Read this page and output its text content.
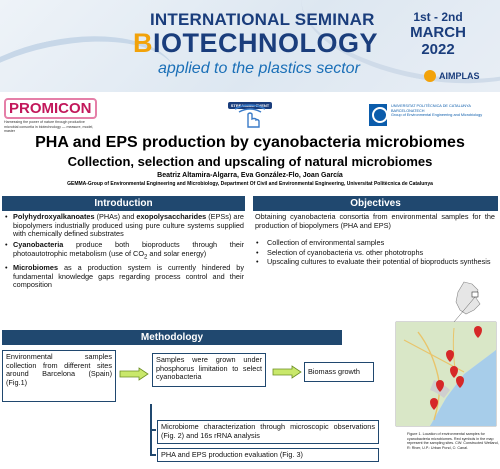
INTERNATIONAL SEMINAR
BIOTECHNOLOGY
applied to the plastics sector
1st - 2nd
MARCH
2022
AIMPLAS
PROMICON
Harnessing the power of nature through productive microbial consortia in biotechnology — measure, model, master
STREAMING EVENT	UNIVERSITAT POLITÈCNICA DE CATALUNYA
BARCELONATECH
Group of Environmental Engineering and Microbiology
PHA and EPS production by cyanobacteria microbiomes
Collection, selection and upscaling of natural microbiomes
Beatriz Altamira-Algarra, Eva González-Flo, Joan García
GEMMA-Group of Environmental Engineering and Microbiology, Department Of Civil and Environmental Engineering, Universitat Politècnica de Catalunya
Introduction
• Polyhydroxyalkanoates (PHAs) and exopolysaccharides (EPSs) are biopolymers industrially produced using pure culture systems supplied with chemically defined substrates
• Cyanobacteria produce both bioproducts through their photoautotrophic metabolism (use of $CO_2$ and solar energy)
• Microbiomes as a production system is currently hindered by fundamental knowledge gaps regarding process control and their composition
Objectives
Obtaining cyanobacteria consortia from environmental samples for the production of biopolymers (PHA and EPS)
• Collection of environmental samples
• Selection of cyanobacteria vs. other phototrophs
• Upscaling cultures to evaluate their potential of bioproducts synthesis
Figure 1. Location of environmental samples for cyanobacteria microbiomes. Red symbols in the map represent the sampling sites. CW: Constructed Wetland, R: River, U.P.: Urban Pond, C: Canal.
Methodology
Environmental samples collection from different sites around Barcelona (Spain) (Fig.1)
Samples were grown under phosphorus limitation to select cyanobacteria
Biomass growth
Microbiome characterization through microscopic observations (Fig. 2) and 16s rRNA analysis
PHA and EPS production evaluation (Fig. 3)
